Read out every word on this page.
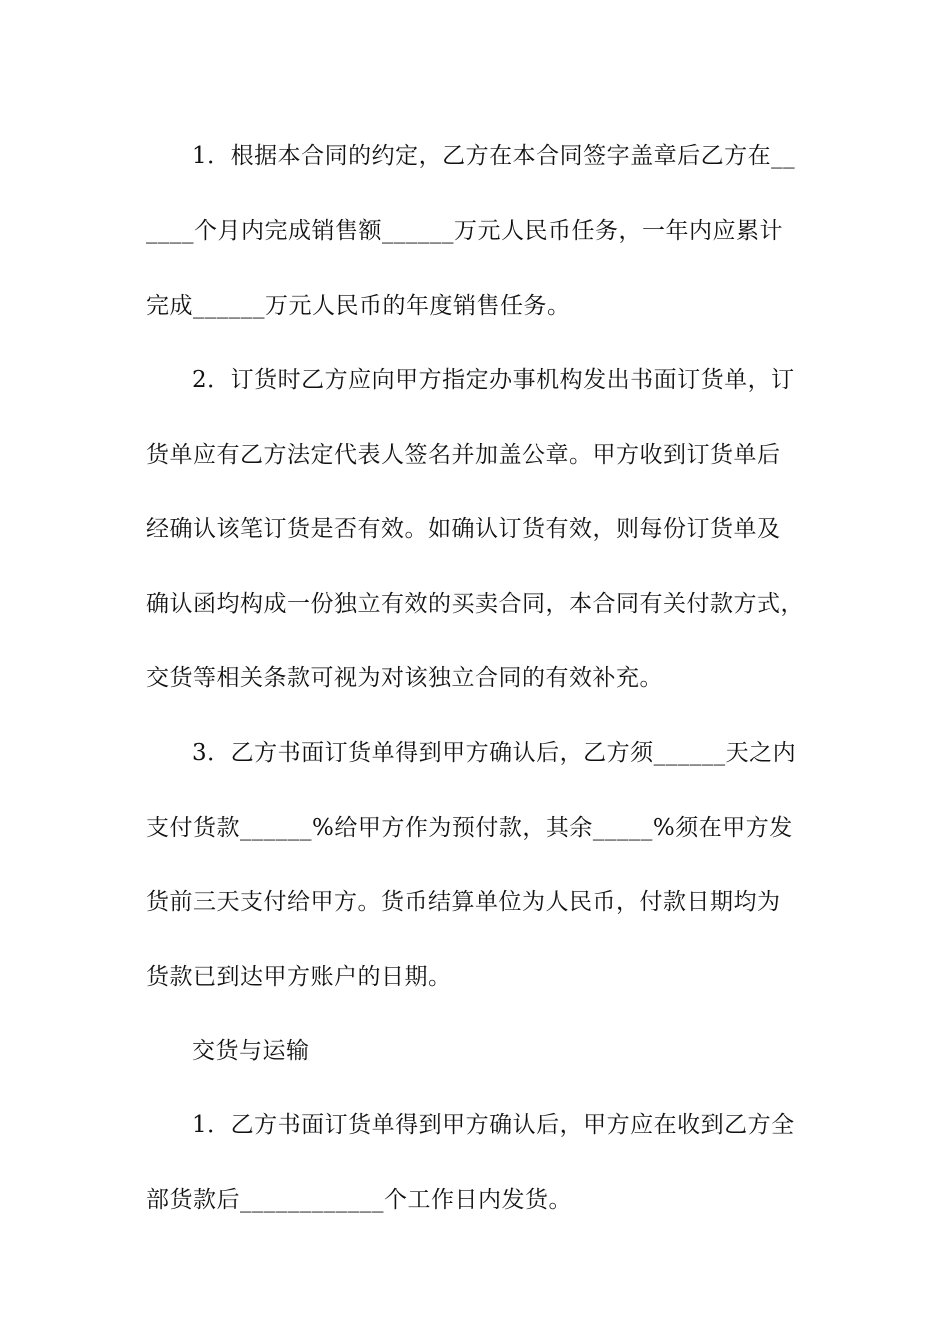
1．根据本合同的约定，乙方在本合同签字盖章后乙方在__
____个月内完成销售额______万元人民币任务，一年内应累计
完成______万元人民币的年度销售任务。
2．订货时乙方应向甲方指定办事机构发出书面订货单，订
货单应有乙方法定代表人签名并加盖公章。甲方收到订货单后
经确认该笔订货是否有效。如确认订货有效，则每份订货单及
确认函均构成一份独立有效的买卖合同，本合同有关付款方式，
交货等相关条款可视为对该独立合同的有效补充。
3．乙方书面订货单得到甲方确认后，乙方须______天之内
支付货款______%给甲方作为预付款，其余_____%须在甲方发
货前三天支付给甲方。货币结算单位为人民币，付款日期均为
货款已到达甲方账户的日期。
交货与运输
1．乙方书面订货单得到甲方确认后，甲方应在收到乙方全
部货款后____________个工作日内发货。
